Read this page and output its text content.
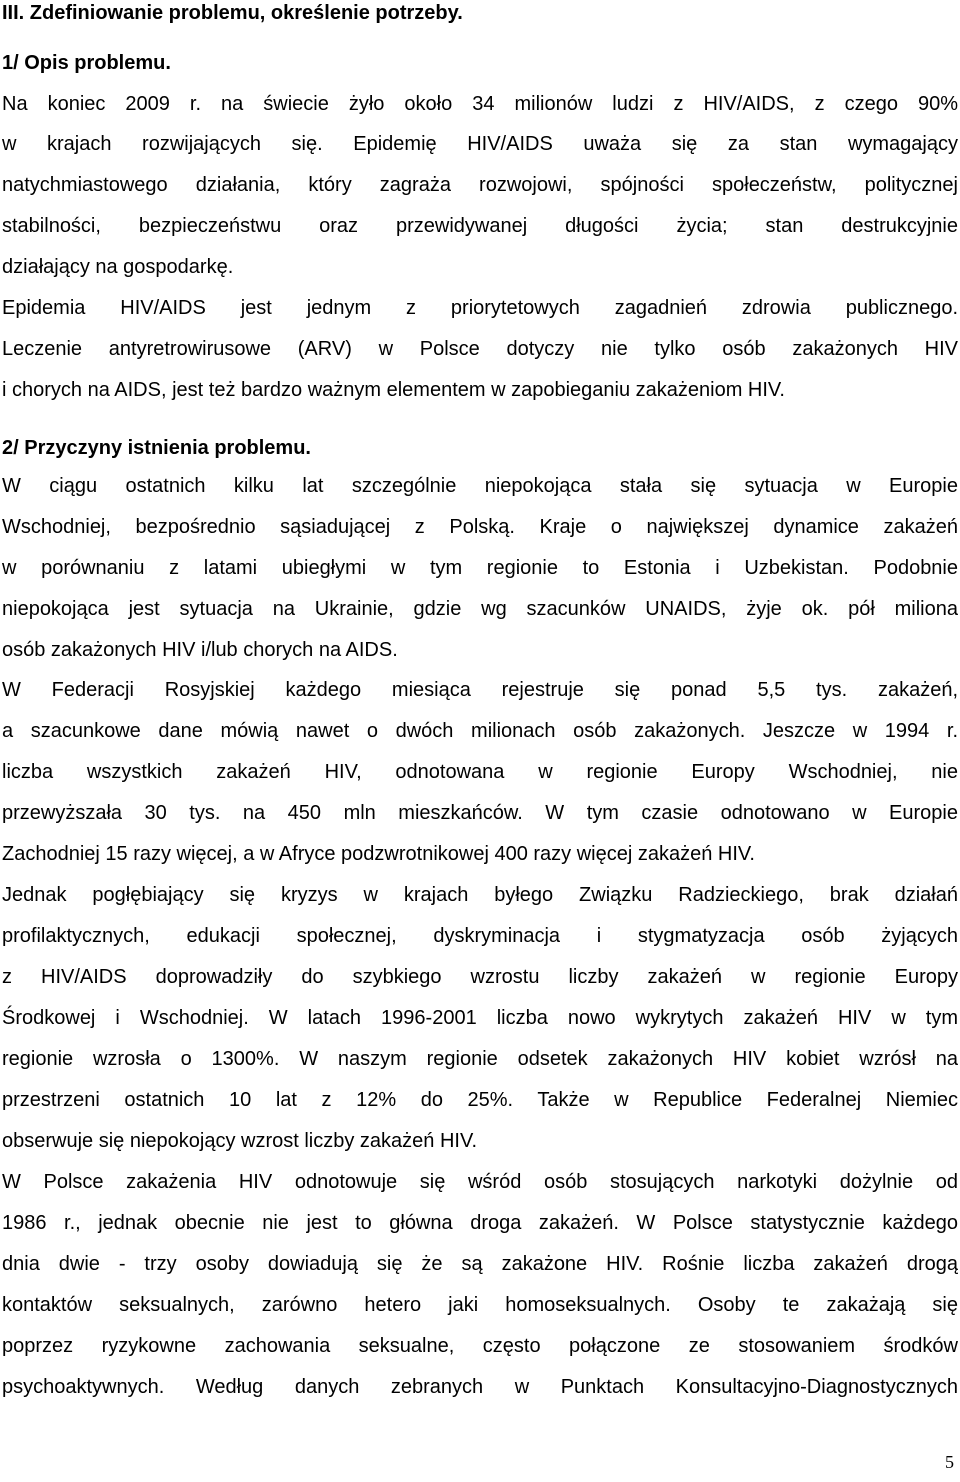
III. Zdefiniowanie problemu, określenie potrzeby.

1/ Opis problemu.

Na koniec 2009 r. na świecie żyło około 34 milionów ludzi z HIV/AIDS, z czego 90%

w krajach rozwijających się. Epidemię HIV/AIDS uważa się za stan wymagający

natychmiastowego działania, który zagraża rozwojowi, spójności społeczeństw, politycznej

stabilności, bezpieczeństwu oraz przewidywanej długości życia; stan destrukcyjnie

działający na gospodarkę.

Epidemia HIV/AIDS jest jednym z priorytetowych zagadnień zdrowia publicznego.

Leczenie antyretrowirusowe (ARV) w Polsce dotyczy nie tylko osób zakażonych HIV

i chorych na AIDS, jest też bardzo ważnym elementem w zapobieganiu zakażeniom HIV.

2/ Przyczyny istnienia problemu.

W ciągu ostatnich kilku lat szczególnie niepokojąca stała się sytuacja w Europie

Wschodniej, bezpośrednio sąsiadującej z Polską. Kraje o największej dynamice zakażeń

w porównaniu z latami ubiegłymi w tym regionie to Estonia i Uzbekistan. Podobnie

niepokojąca jest sytuacja na Ukrainie, gdzie wg szacunków UNAIDS, żyje ok. pół miliona

osób zakażonych HIV i/lub chorych na AIDS.

W Federacji Rosyjskiej każdego miesiąca rejestruje się ponad 5,5 tys. zakażeń,

a szacunkowe dane mówią nawet o dwóch milionach osób zakażonych. Jeszcze w 1994 r.

liczba wszystkich zakażeń HIV, odnotowana w regionie Europy Wschodniej, nie

przewyższała 30 tys. na 450 mln mieszkańców. W tym czasie odnotowano w Europie

Zachodniej 15 razy więcej, a w Afryce podzwrotnikowej 400 razy więcej zakażeń HIV.

Jednak pogłębiający się kryzys w krajach byłego Związku Radzieckiego, brak działań

profilaktycznych, edukacji społecznej, dyskryminacja i stygmatyzacja osób żyjących

z HIV/AIDS doprowadziły do szybkiego wzrostu liczby zakażeń w regionie Europy

Środkowej i Wschodniej. W latach 1996-2001 liczba nowo wykrytych zakażeń HIV w tym

regionie wzrosła o 1300%. W naszym regionie odsetek zakażonych HIV kobiet wzrósł na

przestrzeni ostatnich 10 lat z 12% do 25%. Także w Republice Federalnej Niemiec

obserwuje się niepokojący wzrost liczby zakażeń HIV.

W Polsce zakażenia HIV odnotowuje się wśród osób stosujących narkotyki dożylnie od

1986 r., jednak obecnie nie jest to główna droga zakażeń. W Polsce statystycznie każdego

dnia dwie - trzy osoby dowiadują się że są zakażone HIV. Rośnie liczba zakażeń drogą

kontaktów seksualnych, zarówno hetero jaki homoseksualnych. Osoby te zakażają się

poprzez ryzykowne zachowania seksualne, często połączone ze stosowaniem środków

psychoaktywnych. Według danych zebranych w Punktach Konsultacyjno-Diagnostycznych

5
